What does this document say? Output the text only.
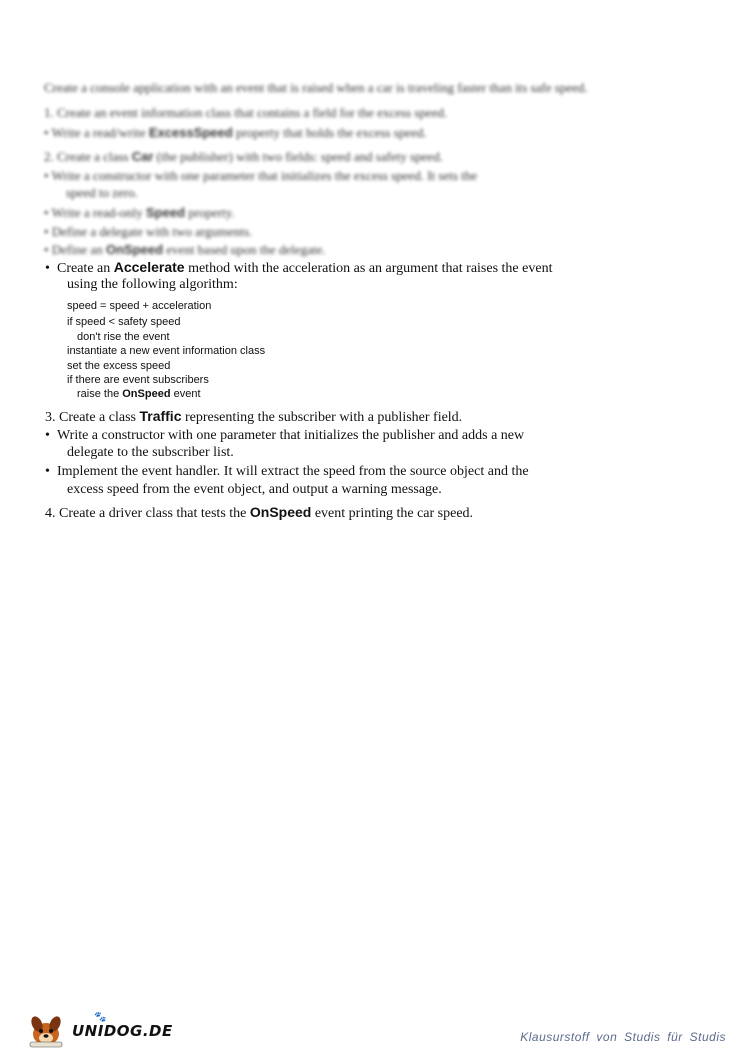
Create a console application with an event that is raised when a car is traveling faster than its safe speed.
1. Create an event information class that contains a field for the excess speed.
• Write a read/write ExcessSpeed property that holds the excess speed.
2. Create a class Car (the publisher) with two fields: speed and safety speed.
• Write a constructor with one parameter that initializes the excess speed. It sets the
speed to zero.
• Write a read-only Speed property.
• Define a delegate with two arguments.
• Define an OnSpeed event based upon the delegate.
• Create an Accelerate method with the acceleration as an argument that raises the event
using the following algorithm:
speed = speed + acceleration
if speed < safety speed
don't rise the event
instantiate a new event information class
set the excess speed
if there are event subscribers
raise the OnSpeed event
3. Create a class Traffic representing the subscriber with a publisher field.
• Write a constructor with one parameter that initializes the publisher and adds a new
delegate to the subscriber list.
• Implement the event handler. It will extract the speed from the source object and the
excess speed from the event object, and output a warning message.
4. Create a driver class that tests the OnSpeed event printing the car speed.
🐾
UNIDOG.DE	Klausurstoff von Studis für Studis
